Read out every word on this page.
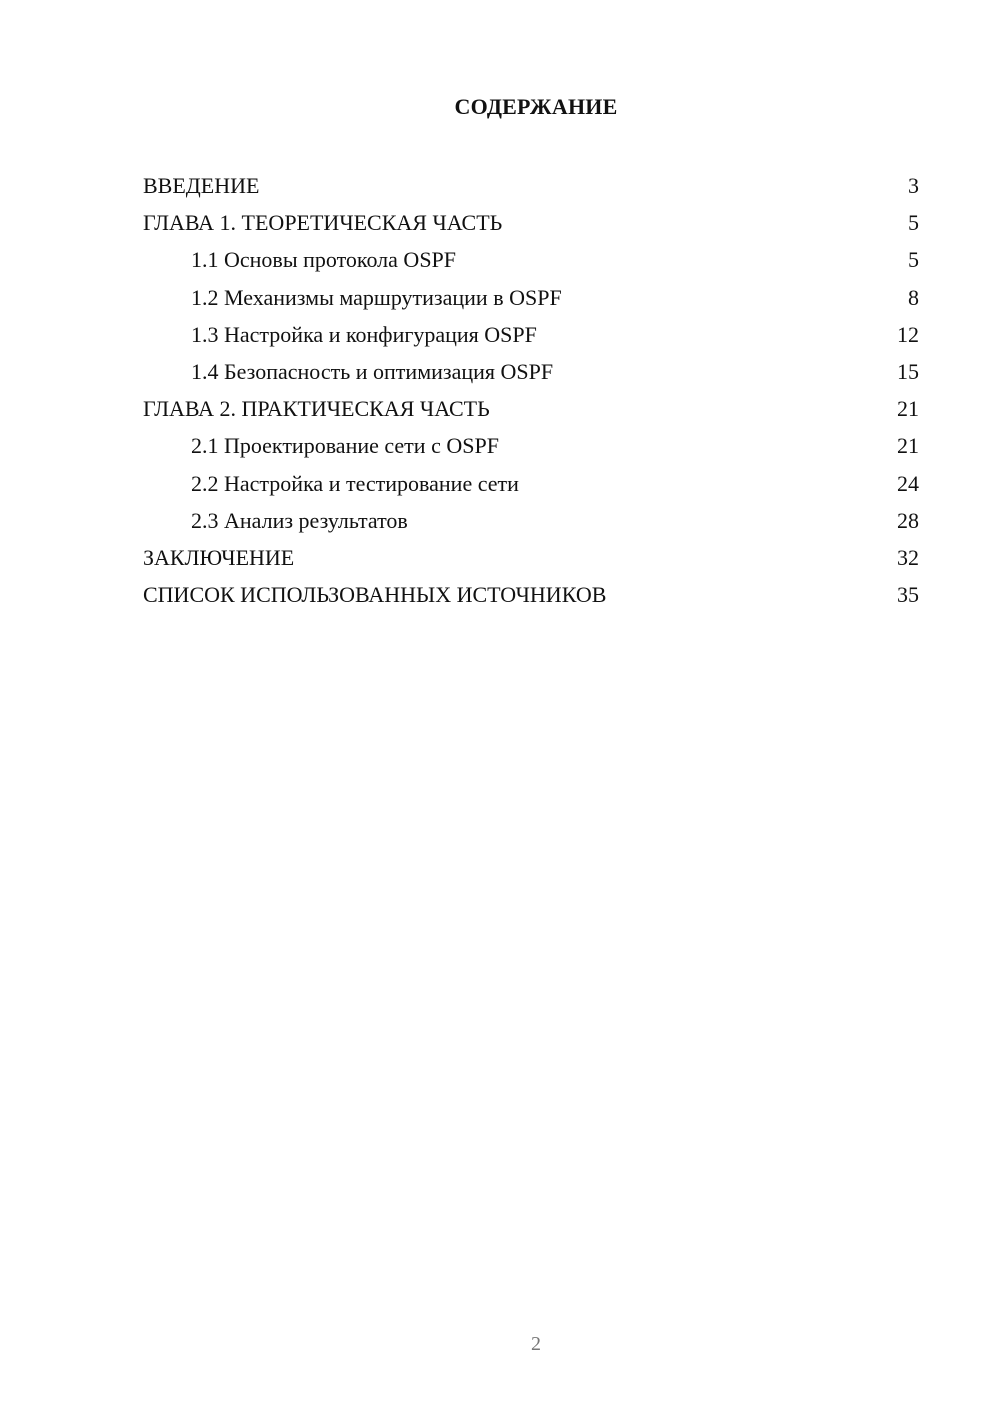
СОДЕРЖАНИЕ
ВВЕДЕНИЕ	3
ГЛАВА 1. ТЕОРЕТИЧЕСКАЯ ЧАСТЬ	5
1.1 Основы протокола OSPF	5
1.2 Механизмы маршрутизации в OSPF	8
1.3 Настройка и конфигурация OSPF	12
1.4 Безопасность и оптимизация OSPF	15
ГЛАВА 2. ПРАКТИЧЕСКАЯ ЧАСТЬ	21
2.1 Проектирование сети с OSPF	21
2.2 Настройка и тестирование сети	24
2.3 Анализ результатов	28
ЗАКЛЮЧЕНИЕ	32
СПИСОК ИСПОЛЬЗОВАННЫХ ИСТОЧНИКОВ	35
2
